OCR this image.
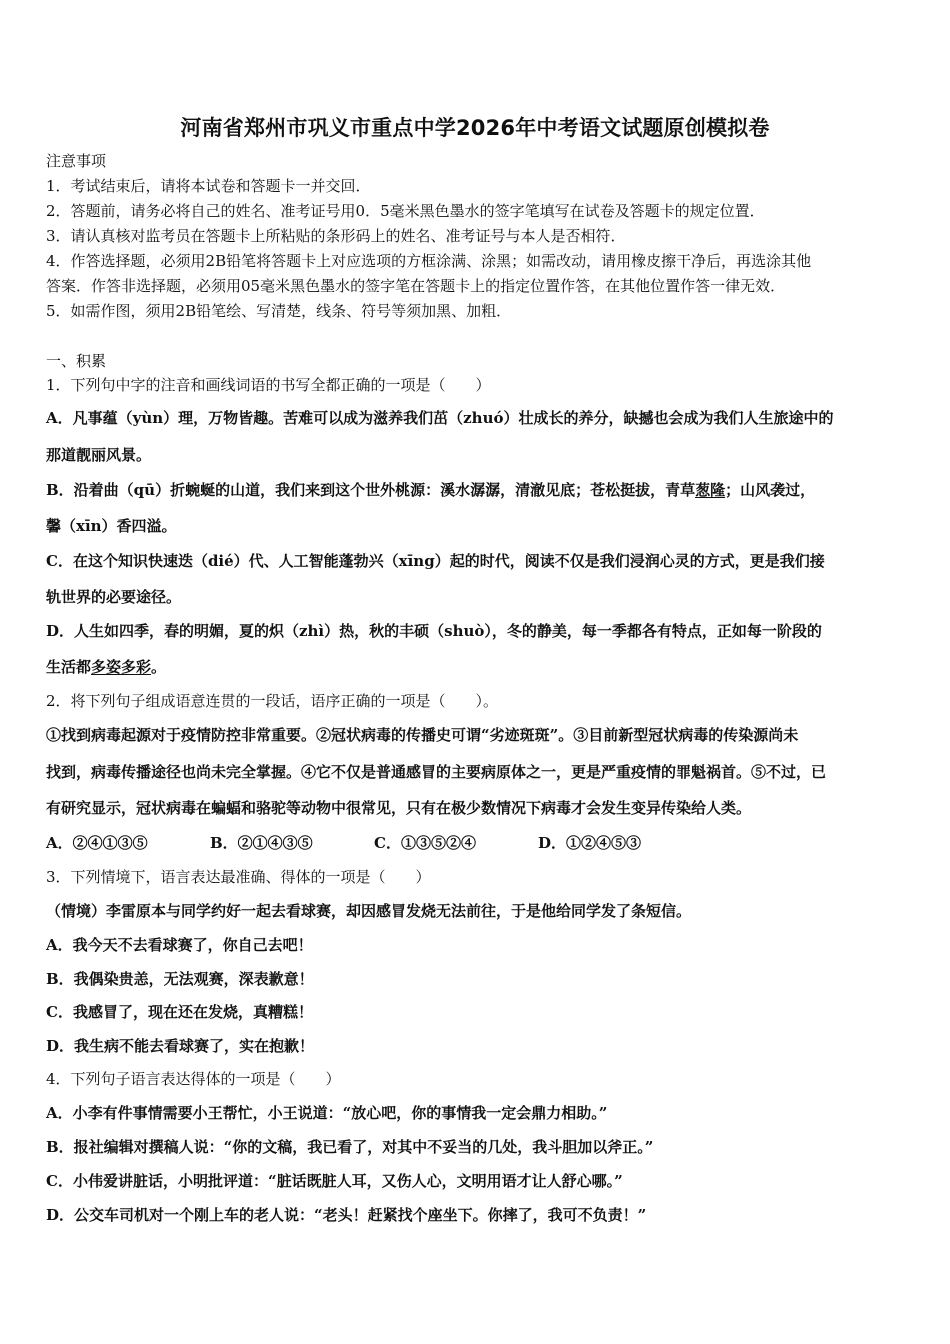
河南省郑州市巩义市重点中学2026年中考语文试题原创模拟卷
注意事项
1．考试结束后，请将本试卷和答题卡一并交回．
2．答题前，请务必将自己的姓名、准考证号用0．5毫米黑色墨水的签字笔填写在试卷及答题卡的规定位置．
3．请认真核对监考员在答题卡上所粘贴的条形码上的姓名、准考证号与本人是否相符．
4．作答选择题，必须用2B铅笔将答题卡上对应选项的方框涂满、涂黑；如需改动，请用橡皮擦干净后，再选涂其他
答案．作答非选择题，必须用05毫米黑色墨水的签字笔在答题卡上的指定位置作答，在其他位置作答一律无效．
5．如需作图，须用2B铅笔绘、写清楚，线条、符号等须加黑、加粗．
一、积累
1．下列句中字的注音和画线词语的书写全都正确的一项是（　　）
A．凡事蕴（yùn）理，万物皆趣。苦难可以成为滋养我们茁（zhuó）壮成长的养分，缺撼也会成为我们人生旅途中的
那道靓丽风景。
B．沿着曲（qū）折蜿蜒的山道，我们来到这个世外桃源：溪水潺潺，清澈见底；苍松挺拔，青草葱隆；山风袭过，
馨（xīn）香四溢。
C．在这个知识快速迭（dié）代、人工智能蓬勃兴（xīng）起的时代，阅读不仅是我们浸润心灵的方式，更是我们接
轨世界的必要途径。
D．人生如四季，春的明媚，夏的炽（zhì）热，秋的丰硕（shuò），冬的静美，每一季都各有特点，正如每一阶段的
生活都多姿多彩。
2．将下列句子组成语意连贯的一段话，语序正确的一项是（　　）。
①找到病毒起源对于疫情防控非常重要。②冠状病毒的传播史可谓“劣迹斑斑”。③目前新型冠状病毒的传染源尚未
找到，病毒传播途径也尚未完全掌握。④它不仅是普通感冒的主要病原体之一，更是严重疫情的罪魁祸首。⑤不过，已
有研究显示，冠状病毒在蝙蝠和骆驼等动物中很常见，只有在极少数情况下病毒才会发生变异传染给人类。
A．②④①③⑤	B．②①④③⑤	C．①③⑤②④	D．①②④⑤③
3．下列情境下，语言表达最准确、得体的一项是（　　）
（情境）李雷原本与同学约好一起去看球赛，却因感冒发烧无法前往，于是他给同学发了条短信。
A．我今天不去看球赛了，你自己去吧！
B．我偶染贵恙，无法观赛，深表歉意！
C．我感冒了，现在还在发烧，真糟糕！
D．我生病不能去看球赛了，实在抱歉！
4．下列句子语言表达得体的一项是（　　）
A．小李有件事情需要小王帮忙，小王说道：“放心吧，你的事情我一定会鼎力相助。”
B．报社编辑对撰稿人说：“你的文稿，我已看了，对其中不妥当的几处，我斗胆加以斧正。”
C．小伟爱讲脏话，小明批评道：“脏话既脏人耳，又伤人心，文明用语才让人舒心哪。”
D．公交车司机对一个刚上车的老人说：“老头！赶紧找个座坐下。你摔了，我可不负责！”
